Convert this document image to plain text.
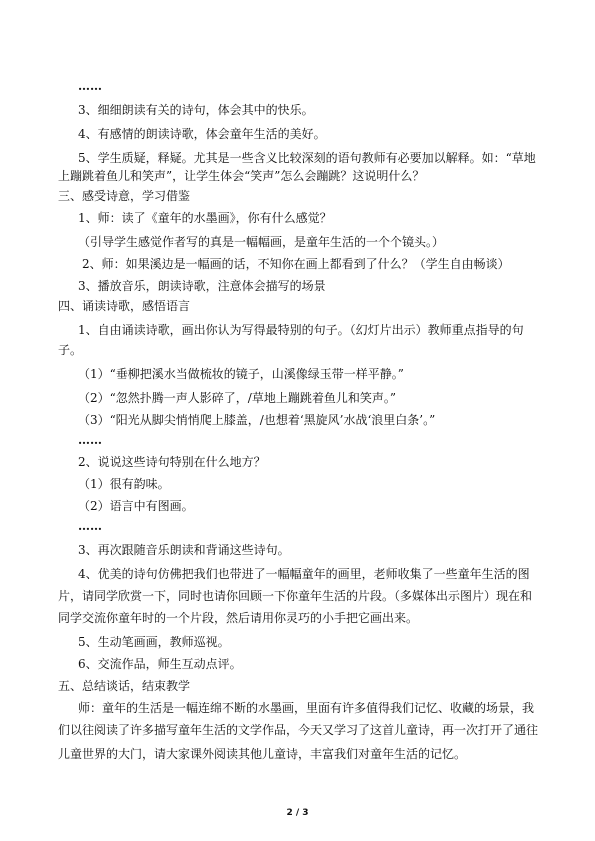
……
3、细细朗读有关的诗句，体会其中的快乐。
4、有感情的朗读诗歌，体会童年生活的美好。
5、学生质疑，释疑。尤其是一些含义比较深刻的语句教师有必要加以解释。如：“草地
上蹦跳着鱼儿和笑声”，让学生体会“笑声”怎么会蹦跳？这说明什么？
三、感受诗意，学习借鉴
1、师：读了《童年的水墨画》，你有什么感觉？
（引导学生感觉作者写的真是一幅幅画，是童年生活的一个个镜头。）
2、师：如果溪边是一幅画的话，不知你在画上都看到了什么？（学生自由畅谈）
3、播放音乐，朗读诗歌，注意体会描写的场景
四、诵读诗歌，感悟语言
1、自由诵读诗歌，画出你认为写得最特别的句子。（幻灯片出示）教师重点指导的句
子。
（1）“垂柳把溪水当做梳妆的镜子，山溪像绿玉带一样平静。”
（2）“忽然扑腾一声人影碎了，/草地上蹦跳着鱼儿和笑声。”
（3）“阳光从脚尖悄悄爬上膝盖，/也想着‘黑旋风’水战‘浪里白条’。”
……
2、说说这些诗句特别在什么地方？
（1）很有韵味。
（2）语言中有图画。
……
3、再次跟随音乐朗读和背诵这些诗句。
4、优美的诗句仿佛把我们也带进了一幅幅童年的画里，老师收集了一些童年生活的图
片，请同学欣赏一下，同时也请你回顾一下你童年生活的片段。（多媒体出示图片）现在和
同学交流你童年时的一个片段，然后请用你灵巧的小手把它画出来。
5、生动笔画画，教师巡视。
6、交流作品，师生互动点评。
五、总结谈话，结束教学
师：童年的生活是一幅连绵不断的水墨画，里面有许多值得我们记忆、收藏的场景，我
们以往阅读了许多描写童年生活的文学作品，今天又学习了这首儿童诗，再一次打开了通往
儿童世界的大门，请大家课外阅读其他儿童诗，丰富我们对童年生活的记忆。
2 / 3
